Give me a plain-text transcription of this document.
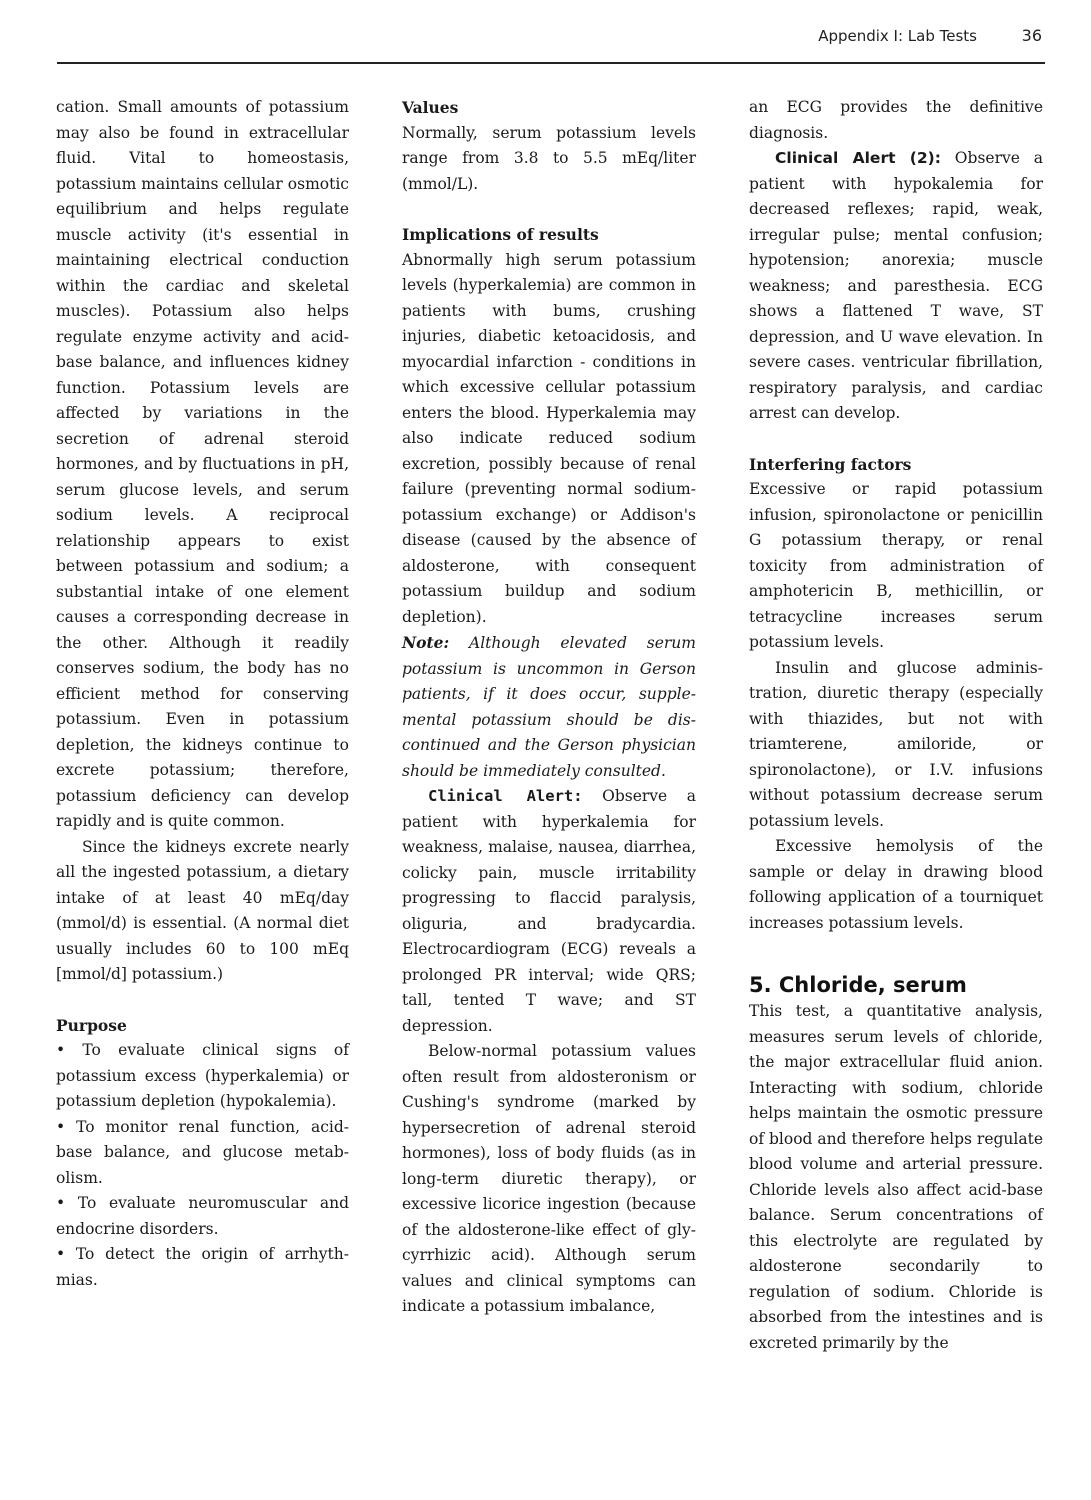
Appendix I: Lab Tests	36

cation. Small amounts of potassium may also be found in extracellular fluid. Vital to homeostasis, potassium maintains cellular osmotic equilibrium and helps regulate muscle activity (it's essential in maintaining electrical conduction within the cardiac and skeletal muscles). Potassium also helps regulate enzyme activity and acid-base balance, and influences kidney function. Potassium levels are affected by variations in the secretion of adrenal steroid hormones, and by fluctuations in pH, serum glucose levels, and serum sodium levels. A reciprocal relationship appears to exist between potassium and sodium; a substantial intake of one element causes a corresponding decrease in the other. Although it readily conserves sodium, the body has no efficient method for conserving potassium. Even in potassium depletion, the kidneys continue to excrete potassium; therefore, potassium deficiency can develop rapidly and is quite common.

Since the kidneys excrete nearly all the ingested potassium, a dietary intake of at least 40 mEq/day (mmol/d) is essential. (A normal diet usually includes 60 to 100 mEq [mmol/d] potassium.)

Purpose

• To evaluate clinical signs of potassium excess (hyperkalemia) or potassium depletion (hypokalemia).

• To monitor renal function, acid-base balance, and glucose metabolism.

• To evaluate neuromuscular and endocrine disorders.

• To detect the origin of arrhythmias.

Values

Normally, serum potassium levels range from 3.8 to 5.5 mEq/liter (mmol/L).

Implications of results

Abnormally high serum potassium levels (hyperkalemia) are common in patients with bums, crushing injuries, diabetic ketoacidosis, and myocardial infarction - conditions in which excessive cellular potassium enters the blood. Hyperkalemia may also indicate reduced sodium excretion, possibly because of renal failure (preventing normal sodium-potassium exchange) or Addison's disease (caused by the absence of aldosterone, with consequent potassium buildup and sodium depletion).

Note: Although elevated serum potassium is uncommon in Gerson patients, if it does occur, supplemental potassium should be discontinued and the Gerson physician should be immediately consulted.

Clinical Alert: Observe a patient with hyperkalemia for weakness, malaise, nausea, diarrhea, colicky pain, muscle irritability progressing to flaccid paralysis, oliguria, and bradycardia. Electrocardiogram (ECG) reveals a prolonged PR interval; wide QRS; tall, tented T wave; and ST depression.

Below-normal potassium values often result from aldosteronism or Cushing's syndrome (marked by hypersecretion of adrenal steroid hormones), loss of body fluids (as in long-term diuretic therapy), or excessive licorice ingestion (because of the aldosterone-like effect of glycyrrhizic acid). Although serum values and clinical symptoms can indicate a potassium imbalance,

an ECG provides the definitive diagnosis.

Clinical Alert (2): Observe a patient with hypokalemia for decreased reflexes; rapid, weak, irregular pulse; mental confusion; hypotension; anorexia; muscle weakness; and paresthesia. ECG shows a flattened T wave, ST depression, and U wave elevation. In severe cases. ventricular fibrillation, respiratory paralysis, and cardiac arrest can develop.

Interfering factors

Excessive or rapid potassium infusion, spironolactone or penicillin G potassium therapy, or renal toxicity from administration of amphotericin B, methicillin, or tetracycline increases serum potassium levels.

Insulin and glucose administration, diuretic therapy (especially with thiazides, but not with triamterene, amiloride, or spironolactone), or I.V. infusions without potassium decrease serum potassium levels.

Excessive hemolysis of the sample or delay in drawing blood following application of a tourniquet increases potassium levels.

5. Chloride, serum

This test, a quantitative analysis, measures serum levels of chloride, the major extracellular fluid anion. Interacting with sodium, chloride helps maintain the osmotic pressure of blood and therefore helps regulate blood volume and arterial pressure. Chloride levels also affect acid-base balance. Serum concentrations of this electrolyte are regulated by aldosterone secondarily to regulation of sodium. Chloride is absorbed from the intestines and is excreted primarily by the
